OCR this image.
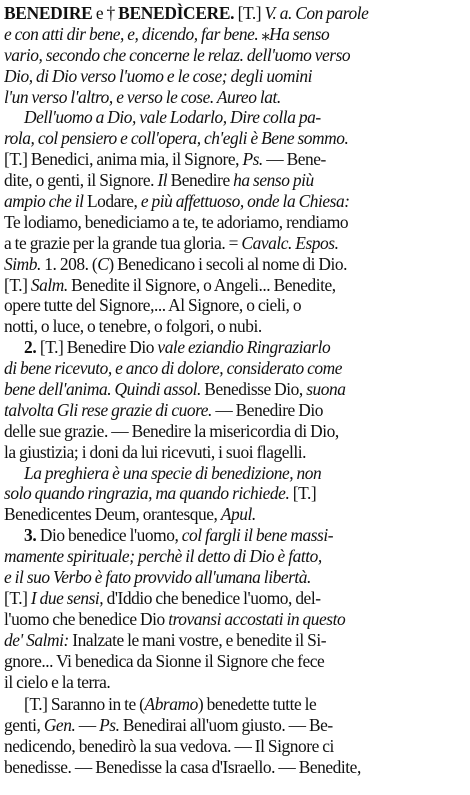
BENEDIRE e † BENEDÌCERE. [T.] V. a. Con parole
e con atti dir bene, e, dicendo, far bene. ⁎Ha senso
vario, secondo che concerne le relaz. dell'uomo verso
Dio, di Dio verso l'uomo e le cose; degli uomini
l'un verso l'altro, e verso le cose. Aureo lat.
Dell'uomo a Dio, vale Lodarlo, Dire colla pa-
rola, col pensiero e coll'opera, ch'egli è Bene sommo.
[T.] Benedici, anima mia, il Signore, Ps. — Bene-
dite, o genti, il Signore. Il Benedire ha senso più
ampio che il Lodare, e più affettuoso, onde la Chiesa:
Te lodiamo, benediciamo a te, te adoriamo, rendiamo
a te grazie per la grande tua gloria. = Cavalc. Espos.
Simb. 1. 208. (C) Benedicano i secoli al nome di Dio.
[T.] Salm. Benedite il Signore, o Angeli... Benedite,
opere tutte del Signore,... Al Signore, o cieli, o
notti, o luce, o tenebre, o folgori, o nubi.
2. [T.] Benedire Dio vale eziandio Ringraziarlo
di bene ricevuto, e anco di dolore, considerato come
bene dell'anima. Quindi assol. Benedisse Dio, suona
talvolta Gli rese grazie di cuore. — Benedire Dio
delle sue grazie. — Benedire la misericordia di Dio,
la giustizia; i doni da lui ricevuti, i suoi flagelli.
La preghiera è una specie di benedizione, non
solo quando ringrazia, ma quando richiede. [T.]
Benedicentes Deum, orantesque, Apul.
3. Dio benedice l'uomo, col fargli il bene massi-
mamente spirituale; perchè il detto di Dio è fatto,
e il suo Verbo è fato provvido all'umana libertà.
[T.] I due sensi, d'Iddio che benedice l'uomo, del-
l'uomo che benedice Dio trovansi accostati in questo
de' Salmi: Inalzate le mani vostre, e benedite il Si-
gnore... Vi benedica da Sionne il Signore che fece
il cielo e la terra.
[T.] Saranno in te (Abramo) benedette tutte le
genti, Gen. — Ps. Benedirai all'uom giusto. — Be-
nedicendo, benedirò la sua vedova. — Il Signore ci
benedisse. — Benedisse la casa d'Israello. — Benedite,
